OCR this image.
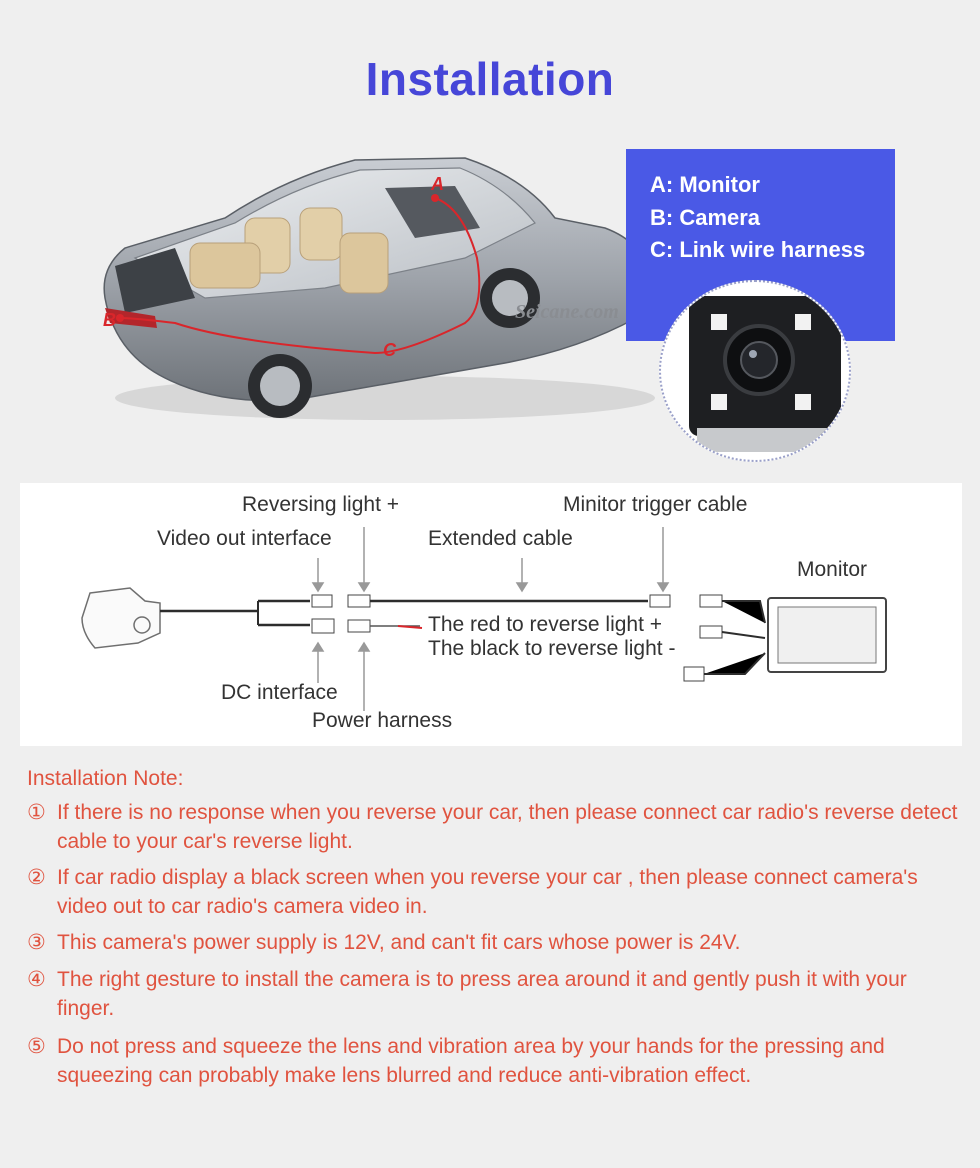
Installation
A
B
C
Seicane.com
A: Monitor
B: Camera
C: Link wire harness
Reversing light +	Minitor trigger cable
Video out interface	Extended cable
Monitor
The red to reverse light +
The black to reverse light -
DC interface
Power harness
Installation Note:
① If there is no response when you reverse your car, then please connect car radio's reverse detect cable to your car's reverse light.
② If car radio display a black screen when you reverse your car , then please connect camera's video out to car radio's camera video in.
③ This camera's power supply is 12V, and can't fit cars whose power is 24V.
④ The right gesture to install the camera is to press area around it and gently push it with your finger.
⑤ Do not press and squeeze the lens and vibration area by your hands for the pressing and squeezing can probably make lens blurred and reduce anti-vibration effect.
